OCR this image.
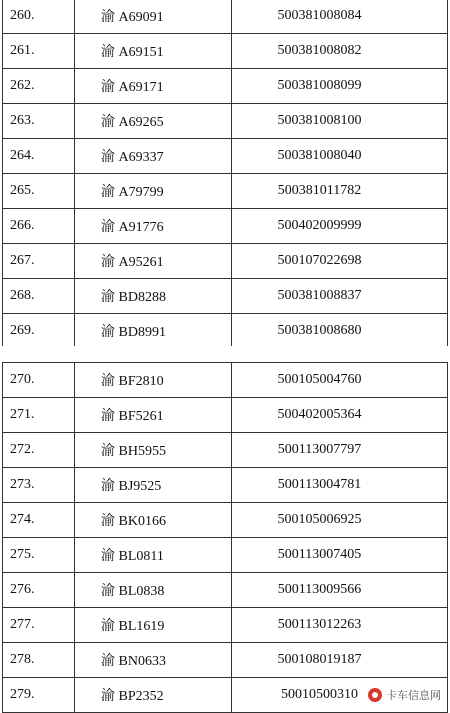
260.	渝 A69091	500381008084
261.	渝 A69151	500381008082
262.	渝 A69171	500381008099
263.	渝 A69265	500381008100
264.	渝 A69337	500381008040
265.	渝 A79799	500381011782
266.	渝 A91776	500402009999
267.	渝 A95261	500107022698
268.	渝 BD8288	500381008837
269.	渝 BD8991	500381008680
270.	渝 BF2810	500105004760
271.	渝 BF5261	500402005364
272.	渝 BH5955	500113007797
273.	渝 BJ9525	500113004781
274.	渝 BK0166	500105006925
275.	渝 BL0811	500113007405
276.	渝 BL0838	500113009566
277.	渝 BL1619	500113012263
278.	渝 BN0633	500108019187
279.	渝 BP2352	50010500310	卡车信息网
